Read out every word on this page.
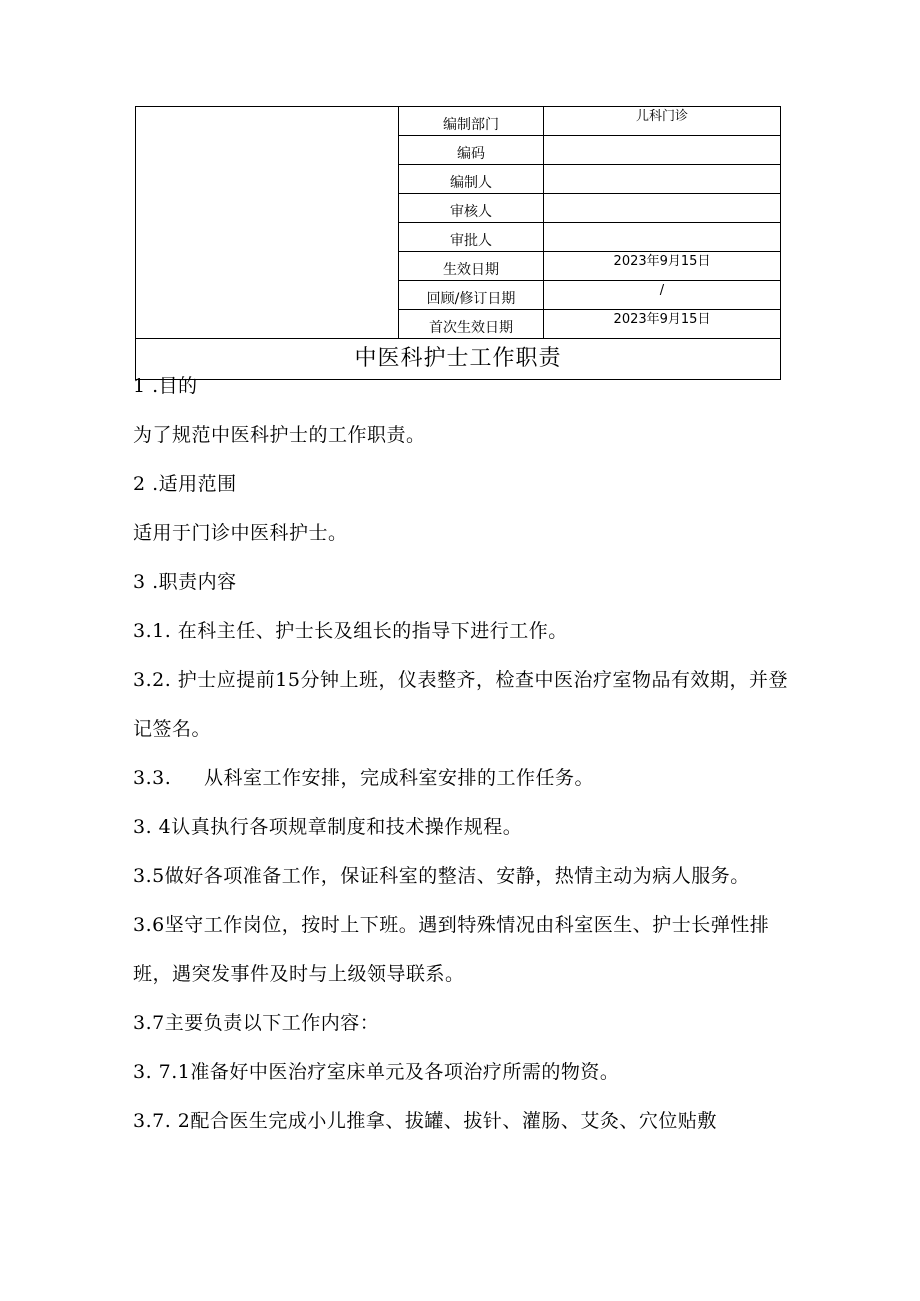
	编制部门	儿科门诊
	编码	
	编制人	
	审核人	
	审批人	
	生效日期	2023年9月15日
	回顾/修订日期	/
	首次生效日期	2023年9月15日
中医科护士工作职责		

1 .目的

为了规范中医科护士的工作职责。

2 .适用范围

适用于门诊中医科护士。

3 .职责内容

3.1. 在科主任、护士长及组长的指导下进行工作。

3.2. 护士应提前15分钟上班，仪表整齐，检查中医治疗室物品有效期，并登记签名。

3.3.     从科室工作安排，完成科室安排的工作任务。

3. 4认真执行各项规章制度和技术操作规程。

3.5做好各项准备工作，保证科室的整洁、安静，热情主动为病人服务。

3.6坚守工作岗位，按时上下班。遇到特殊情况由科室医生、护士长弹性排班，遇突发事件及时与上级领导联系。

3.7主要负责以下工作内容：

3. 7.1准备好中医治疗室床单元及各项治疗所需的物资。

3.7. 2配合医生完成小儿推拿、拔罐、拔针、灌肠、艾灸、穴位贴敷
